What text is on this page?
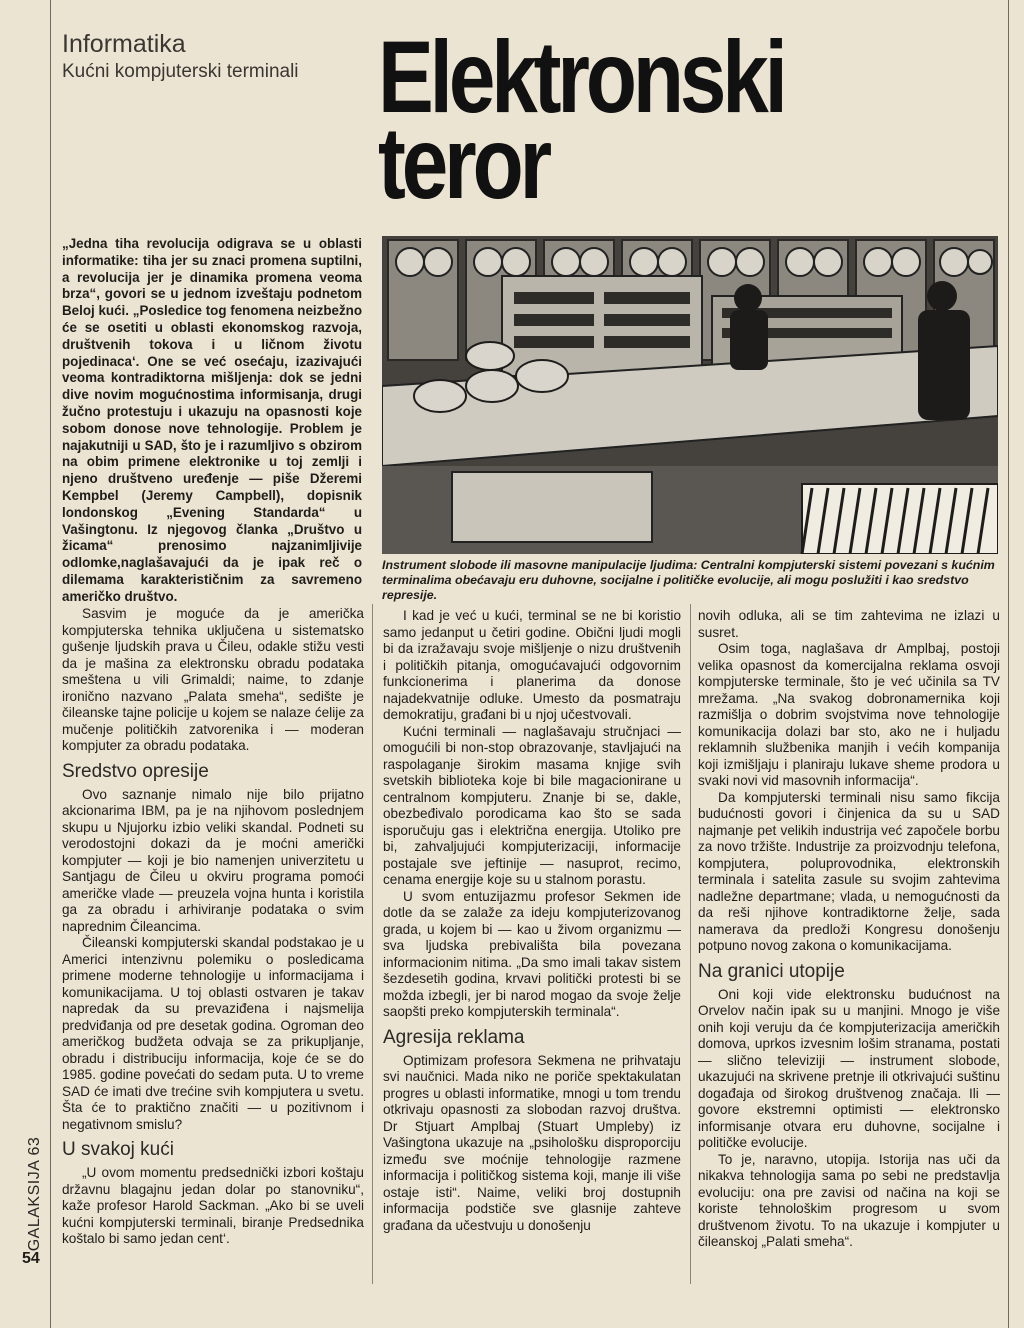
Informatika
Kućni kompjuterski terminali Elektronski
teror
„Jedna tiha revolucija odigrava se u oblasti informatike: tiha jer su znaci promena suptilni, a revolucija jer je dinamika promena veoma brza“, govori se u jednom izveštaju podnetom Beloj kući. „Posledice tog fenomena neizbežno će se osetiti u oblasti ekonomskog razvoja, društvenih tokova i u ličnom životu pojedinaca‘. One se već osećaju, izazivajući veoma kontradiktorna mišljenja: dok se jedni dive novim mogućnostima informisanja, drugi žučno protestuju i ukazuju na opasnosti koje sobom donose nove tehnologije. Problem je najakutniji u SAD, što je i razumljivo s obzirom na obim primene elektronike u toj zemlji i njeno društveno uređenje — piše Džeremi Kempbel (Jeremy Campbell), dopisnik londonskog „Evening Standarda“ u Vašingtonu. Iz njegovog članka „Društvo u žicama“ prenosimo najzanimljivije odlomke,naglašavajući da je ipak reč o dilemama karakterističnim za savremeno američko društvo.
Instrument slobode ili masovne manipulacije ljudima: Centralni kompjuterski sistemi povezani s kućnim terminalima obećavaju eru duhovne, socijalne i političke evolucije, ali mogu poslužiti i kao sredstvo represije.

Sasvim je moguće da je američka kompjuterska tehnika uključena u sistematsko gušenje ljudskih prava u Čileu, odakle stižu vesti da je mašina za elektronsku obradu podataka smeštena u vili Grimaldi; naime, to zdanje ironično nazvano „Palata smeha“, sedište je čileanske tajne policije u kojem se nalaze ćelije za mučenje političkih zatvorenika i — moderan kompjuter za obradu podataka.

Sredstvo opresije

Ovo saznanje nimalo nije bilo prijatno akcionarima IBM, pa je na njihovom poslednjem skupu u Njujorku izbio veliki skandal. Podneti su verodostojni dokazi da je moćni američki kompjuter — koji je bio namenjen univerzitetu u Santjagu de Čileu u okviru programa pomoći američke vlade — preuzela vojna hunta i koristila ga za obradu i arhiviranje podataka o svim naprednim Čileancima.

Čileanski kompjuterski skandal podstakao je u Americi intenzivnu polemiku o posledicama primene moderne tehnologije u informacijama i komunikacijama. U toj oblasti ostvaren je takav napredak da su prevaziđena i najsmelija predviđanja od pre desetak godina. Ogroman deo američkog budžeta odvaja se za prikupljanje, obradu i distribuciju informacija, koje će se do 1985. godine povećati do sedam puta. U to vreme SAD će imati dve trećine svih kompjutera u svetu. Šta će to praktično značiti — u pozitivnom i negativnom smislu?

U svakoj kući

„U ovom momentu predsednički izbori koštaju državnu blagajnu jedan dolar po stanovniku“, kaže profesor Harold Sackman. „Ako bi se uveli kućni kompjuterski terminali, biranje Predsednika koštalo bi samo jedan cent‘.

I kad je već u kući, terminal se ne bi koristio samo jedanput u četiri godine. Obični ljudi mogli bi da izražavaju svoje mišljenje o nizu društvenih i političkih pitanja, omogućavajući odgovornim funkcionerima i planerima da donose najadekvatnije odluke. Umesto da posmatraju demokratiju, građani bi u njoj učestvovali.

Kućni terminali — naglašavaju stručnjaci — omogućili bi non-stop obrazovanje, stavljajući na raspolaganje širokim masama knjige svih svetskih biblioteka koje bi bile magacionirane u centralnom kompjuteru. Znanje bi se, dakle, obezbeđivalo porodicama kao što se sada isporučuju gas i električna energija. Utoliko pre bi, zahvaljujući kompjuterizaciji, informacije postajale sve jeftinije — nasuprot, recimo, cenama energije koje su u stalnom porastu.

U svom entuzijazmu profesor Sekmen ide dotle da se zalaže za ideju kompjuterizovanog grada, u kojem bi — kao u živom organizmu — sva ljudska prebivališta bila povezana informacionim nitima. „Da smo imali takav sistem šezdesetih godina, krvavi politički protesti bi se možda izbegli, jer bi narod mogao da svoje želje saopšti preko kompjuterskih terminala“.

Agresija reklama

Optimizam profesora Sekmena ne prihvataju svi naučnici. Mada niko ne poriče spektakulatan progres u oblasti informatike, mnogi u tom trendu otkrivaju opasnosti za slobodan razvoj društva. Dr Stjuart Amplbaj (Stuart Umpleby) iz Vašingtona ukazuje na „psihološku disproporciju između sve moćnije tehnologije razmene informacija i političkog sistema koji, manje ili više ostaje isti“. Naime, veliki broj dostupnih informacija podstiče sve glasnije zahteve građana da učestvuju u donošenju

novih odluka, ali se tim zahtevima ne izlazi u susret.

Osim toga, naglašava dr Amplbaj, postoji velika opasnost da komercijalna reklama osvoji kompjuterske terminale, što je već učinila sa TV mrežama. „Na svakog dobronamernika koji razmišlja o dobrim svojstvima nove tehnologije komunikacija dolazi bar sto, ako ne i huljadu reklamnih službenika manjih i većih kompanija koji izmišljaju i planiraju lukave sheme prodora u svaki novi vid masovnih informacija“.

Da kompjuterski terminali nisu samo fikcija budućnosti govori i činjenica da su u SAD najmanje pet velikih industrija već započele borbu za novo tržište. Industrije za proizvodnju telefona, kompjutera, poluprovodnika, elektronskih terminala i satelita zasule su svojim zahtevima nadležne departmane; vlada, u nemogućnosti da da reši njihove kontradiktorne želje, sada namerava da predloži Kongresu donošenju potpuno novog zakona o komunikacijama.

Na granici utopije

Oni koji vide elektronsku budućnost na Orvelov način ipak su u manjini. Mnogo je više onih koji veruju da će kompjuterizacija američkih domova, uprkos izvesnim lošim stranama, postati — slično televiziji — instrument slobode, ukazujući na skrivene pretnje ili otkrivajući suštinu događaja od širokog društvenog značaja. Ili — govore ekstremni optimisti — elektronsko informisanje otvara eru duhovne, socijalne i političke evolucije.

To je, naravno, utopija. Istorija nas uči da nikakva tehnologija sama po sebi ne predstavlja evoluciju: ona pre zavisi od načina na koji se koriste tehnološkim progresom u svom društvenom životu. To na ukazuje i kompjuter u čileanskoj „Palati smeha“.

GALAKSIJA 63
54
